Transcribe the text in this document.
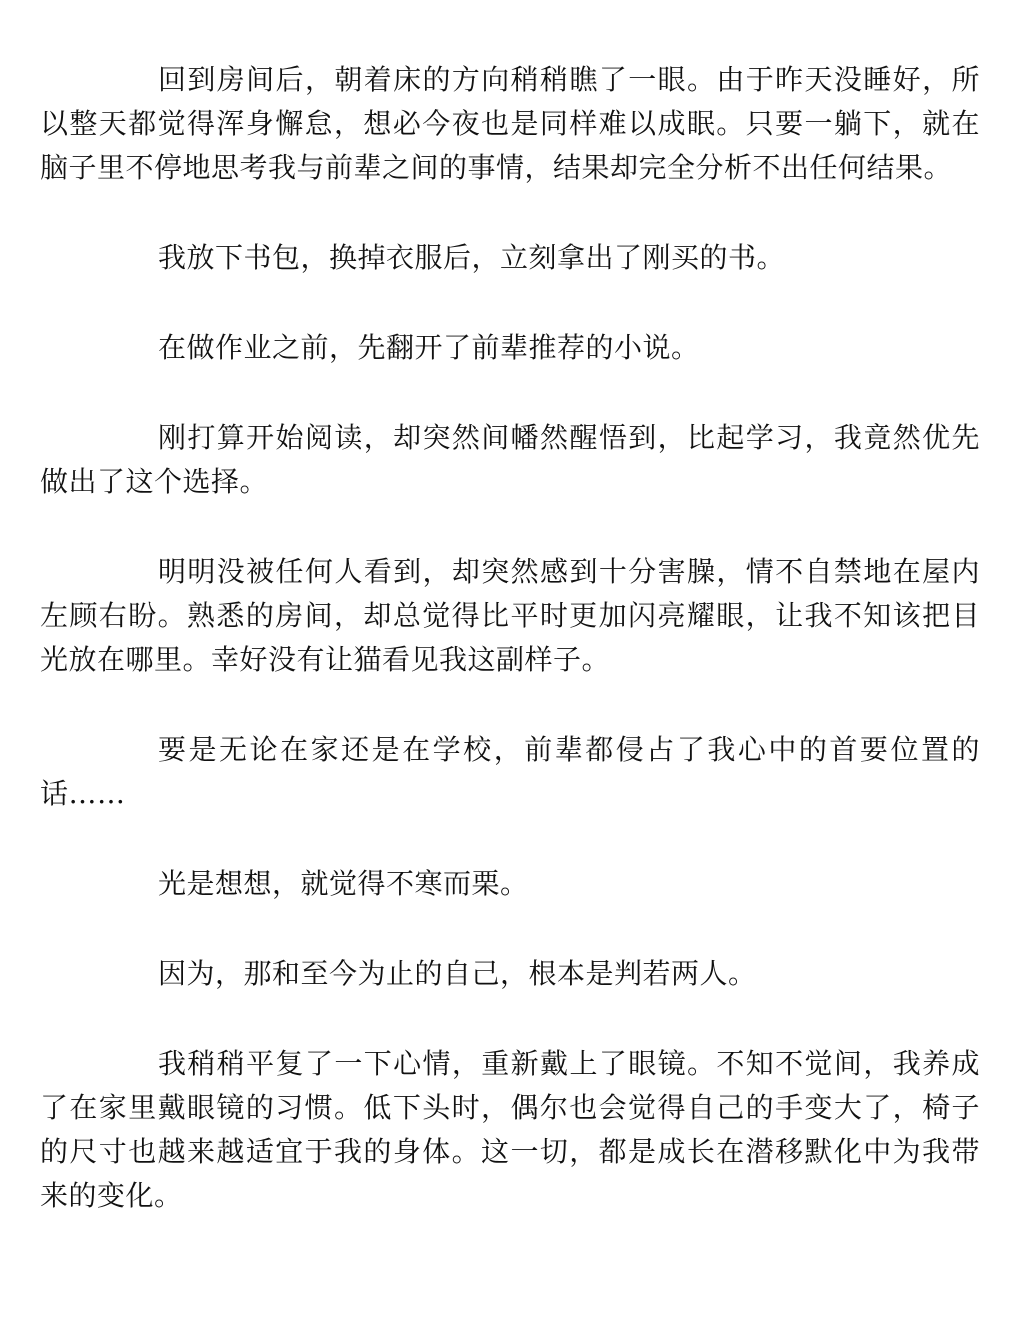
回到房间后，朝着床的方向稍稍瞧了一眼。由于昨天没睡好，所以整天都觉得浑身懈怠，想必今夜也是同样难以成眠。只要一躺下，就在脑子里不停地思考我与前辈之间的事情，结果却完全分析不出任何结果。

我放下书包，换掉衣服后，立刻拿出了刚买的书。

在做作业之前，先翻开了前辈推荐的小说。

刚打算开始阅读，却突然间幡然醒悟到，比起学习，我竟然优先做出了这个选择。

明明没被任何人看到，却突然感到十分害臊，情不自禁地在屋内左顾右盼。熟悉的房间，却总觉得比平时更加闪亮耀眼，让我不知该把目光放在哪里。幸好没有让猫看见我这副样子。

要是无论在家还是在学校，前辈都侵占了我心中的首要位置的话……

光是想想，就觉得不寒而栗。

因为，那和至今为止的自己，根本是判若两人。

我稍稍平复了一下心情，重新戴上了眼镜。不知不觉间，我养成了在家里戴眼镜的习惯。低下头时，偶尔也会觉得自己的手变大了，椅子的尺寸也越来越适宜于我的身体。这一切，都是成长在潜移默化中为我带来的变化。
